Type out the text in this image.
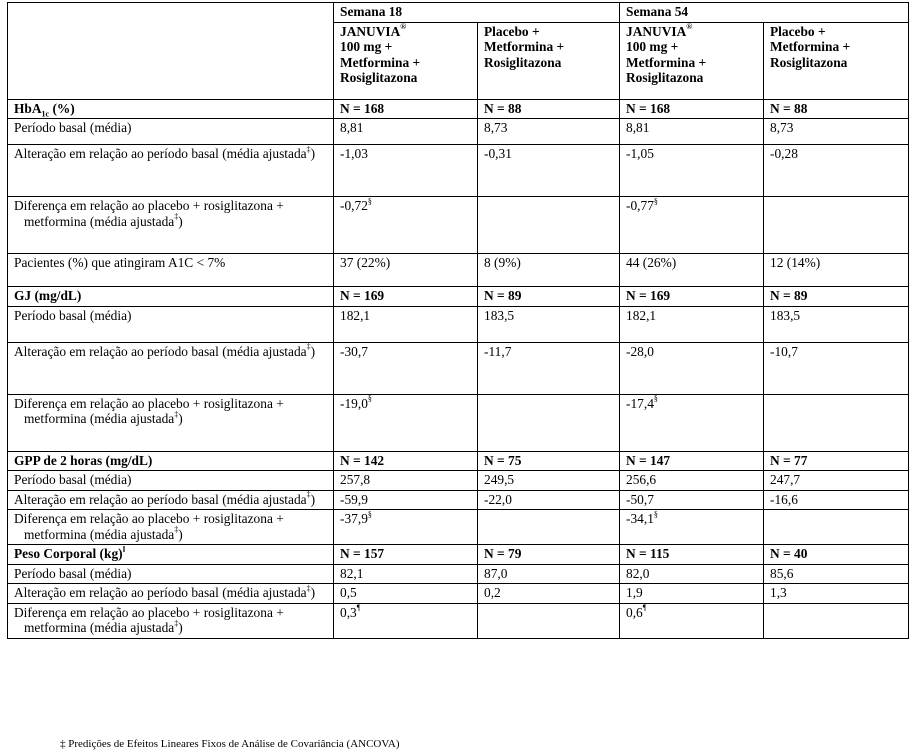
	Semana 18		Semana 54	
	JANUVIA®
100 mg +
Metformina +
Rosiglitazona	Placebo +
Metformina +
Rosiglitazona	JANUVIA®
100 mg +
Metformina +
Rosiglitazona	Placebo +
Metformina +
Rosiglitazona
HbA$_{1c}$ (%)	N = 168	N = 88	N = 168	N = 88

Período basal (média)	8,81	8,73	8,81	8,73

Alteração em relação ao período basal (média ajustada‡)	-1,03	-0,31	-1,05	-0,28

Diferença em relação ao placebo + rosiglitazona + metformina (média ajustada‡)	-0,72§		-0,77§	

Pacientes (%) que atingiram A1C < 7%	37 (22%)	8 (9%)	44 (26%)	12 (14%)
GJ (mg/dL)	N = 169	N = 89	N = 169	N = 89

Período basal (média)	182,1	183,5	182,1	183,5

Alteração em relação ao período basal (média ajustada‡)	-30,7	-11,7	-28,0	-10,7

Diferença em relação ao placebo + rosiglitazona + metformina (média ajustada‡)	-19,0§		-17,4§	
GPP de 2 horas (mg/dL)	N = 142	N = 75	N = 147	N = 77

Período basal (média)	257,8	249,5	256,6	247,7

Alteração em relação ao período basal (média ajustada‡)	-59,9	-22,0	-50,7	-16,6

Diferença em relação ao placebo + rosiglitazona + metformina (média ajustada‡)	-37,9§		-34,1§	
Peso Corporal (kg)‖	N = 157	N = 79	N = 115	N = 40

Período basal (média)	82,1	87,0	82,0	85,6

Alteração em relação ao período basal (média ajustada‡)	0,5	0,2	1,9	1,3

Diferença em relação ao placebo + rosiglitazona + metformina (média ajustada‡)	0,3¶		0,6¶	
‡ Predições de Efeitos Lineares Fixos de Análise de Covariância (ANCOVA)
